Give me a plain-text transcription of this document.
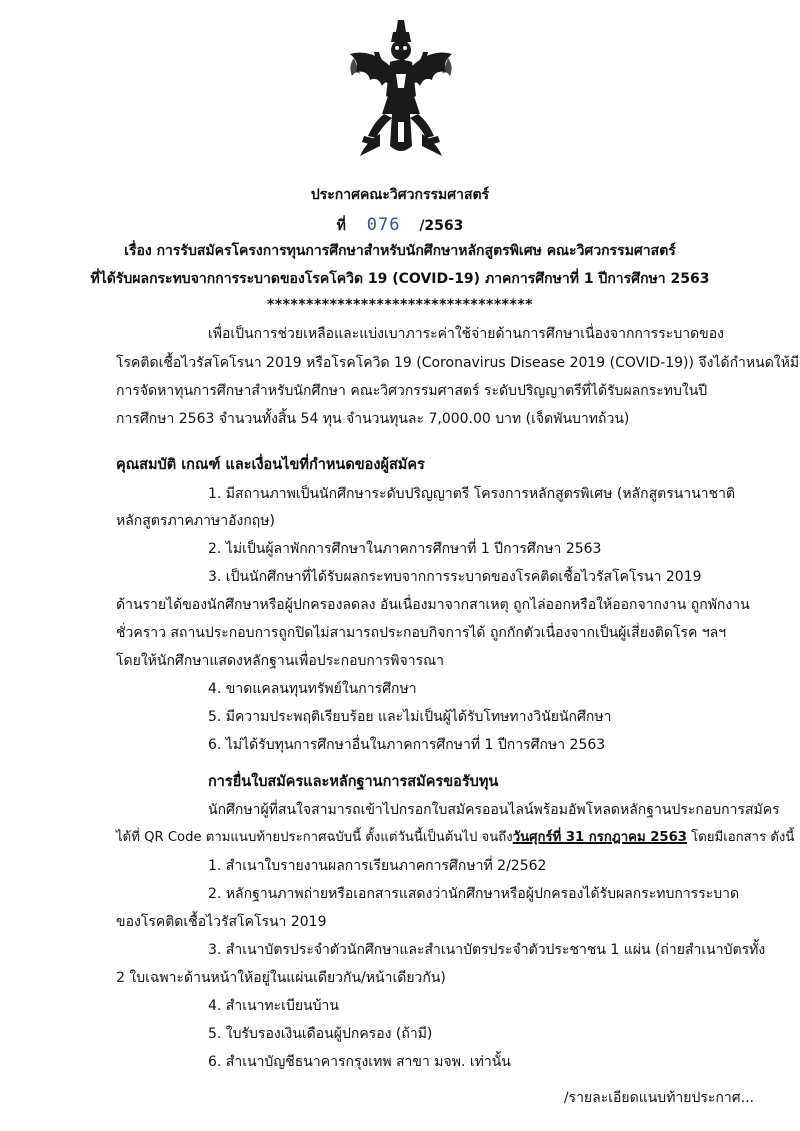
ประกาศคณะวิศวกรรมศาสตร์
ที่ 076 /2563
เรื่อง การรับสมัครโครงการทุนการศึกษาสำหรับนักศึกษาหลักสูตรพิเศษ คณะวิศวกรรมศาสตร์
ที่ได้รับผลกระทบจากการระบาดของโรคโควิด 19 (COVID-19) ภาคการศึกษาที่ 1 ปีการศึกษา 2563
**********************************
เพื่อเป็นการช่วยเหลือและแบ่งเบาภาระค่าใช้จ่ายด้านการศึกษาเนื่องจากการระบาดของ
โรคติดเชื้อไวรัสโคโรนา 2019 หรือโรคโควิด 19 (Coronavirus Disease 2019 (COVID-19)) จึงได้กำหนดให้มี
การจัดหาทุนการศึกษาสำหรับนักศึกษา คณะวิศวกรรมศาสตร์ ระดับปริญญาตรีที่ได้รับผลกระทบในปี
การศึกษา 2563 จำนวนทั้งสิ้น 54 ทุน จำนวนทุนละ 7,000.00 บาท (เจ็ดพันบาทถ้วน)
คุณสมบัติ เกณฑ์ และเงื่อนไขที่กำหนดของผู้สมัคร
1. มีสถานภาพเป็นนักศึกษาระดับปริญญาตรี โครงการหลักสูตรพิเศษ (หลักสูตรนานาชาติ
หลักสูตรภาคภาษาอังกฤษ)
2. ไม่เป็นผู้ลาพักการศึกษาในภาคการศึกษาที่ 1 ปีการศึกษา 2563
3. เป็นนักศึกษาที่ได้รับผลกระทบจากการระบาดของโรคติดเชื้อไวรัสโคโรนา 2019
ด้านรายได้ของนักศึกษาหรือผู้ปกครองลดลง อันเนื่องมาจากสาเหตุ ถูกไล่ออกหรือให้ออกจากงาน ถูกพักงาน
ชั่วคราว สถานประกอบการถูกปิดไม่สามารถประกอบกิจการได้ ถูกกักตัวเนื่องจากเป็นผู้เสี่ยงติดโรค ฯลฯ
โดยให้นักศึกษาแสดงหลักฐานเพื่อประกอบการพิจารณา
4. ขาดแคลนทุนทรัพย์ในการศึกษา
5. มีความประพฤติเรียบร้อย และไม่เป็นผู้ได้รับโทษทางวินัยนักศึกษา
6. ไม่ได้รับทุนการศึกษาอื่นในภาคการศึกษาที่ 1 ปีการศึกษา 2563
การยื่นใบสมัครและหลักฐานการสมัครขอรับทุน
นักศึกษาผู้ที่สนใจสามารถเข้าไปกรอกใบสมัครออนไลน์พร้อมอัพโหลดหลักฐานประกอบการสมัคร
ได้ที่ QR Code ตามแนบท้ายประกาศฉบับนี้ ตั้งแต่วันนี้เป็นต้นไป จนถึงวันศุกร์ที่ 31 กรกฎาคม 2563 โดยมีเอกสาร ดังนี้
1. สำเนาใบรายงานผลการเรียนภาคการศึกษาที่ 2/2562
2. หลักฐานภาพถ่ายหรือเอกสารแสดงว่านักศึกษาหรือผู้ปกครองได้รับผลกระทบการระบาด
ของโรคติดเชื้อไวรัสโคโรนา 2019
3. สำเนาบัตรประจำตัวนักศึกษาและสำเนาบัตรประจำตัวประชาชน 1 แผ่น (ถ่ายสำเนาบัตรทั้ง
2 ใบเฉพาะด้านหน้าให้อยู่ในแผ่นเดียวกัน/หน้าเดียวกัน)
4. สำเนาทะเบียนบ้าน
5. ใบรับรองเงินเดือนผู้ปกครอง (ถ้ามี)
6. สำเนาบัญชีธนาคารกรุงเทพ สาขา มจพ. เท่านั้น
/รายละเอียดแนบท้ายประกาศ...
